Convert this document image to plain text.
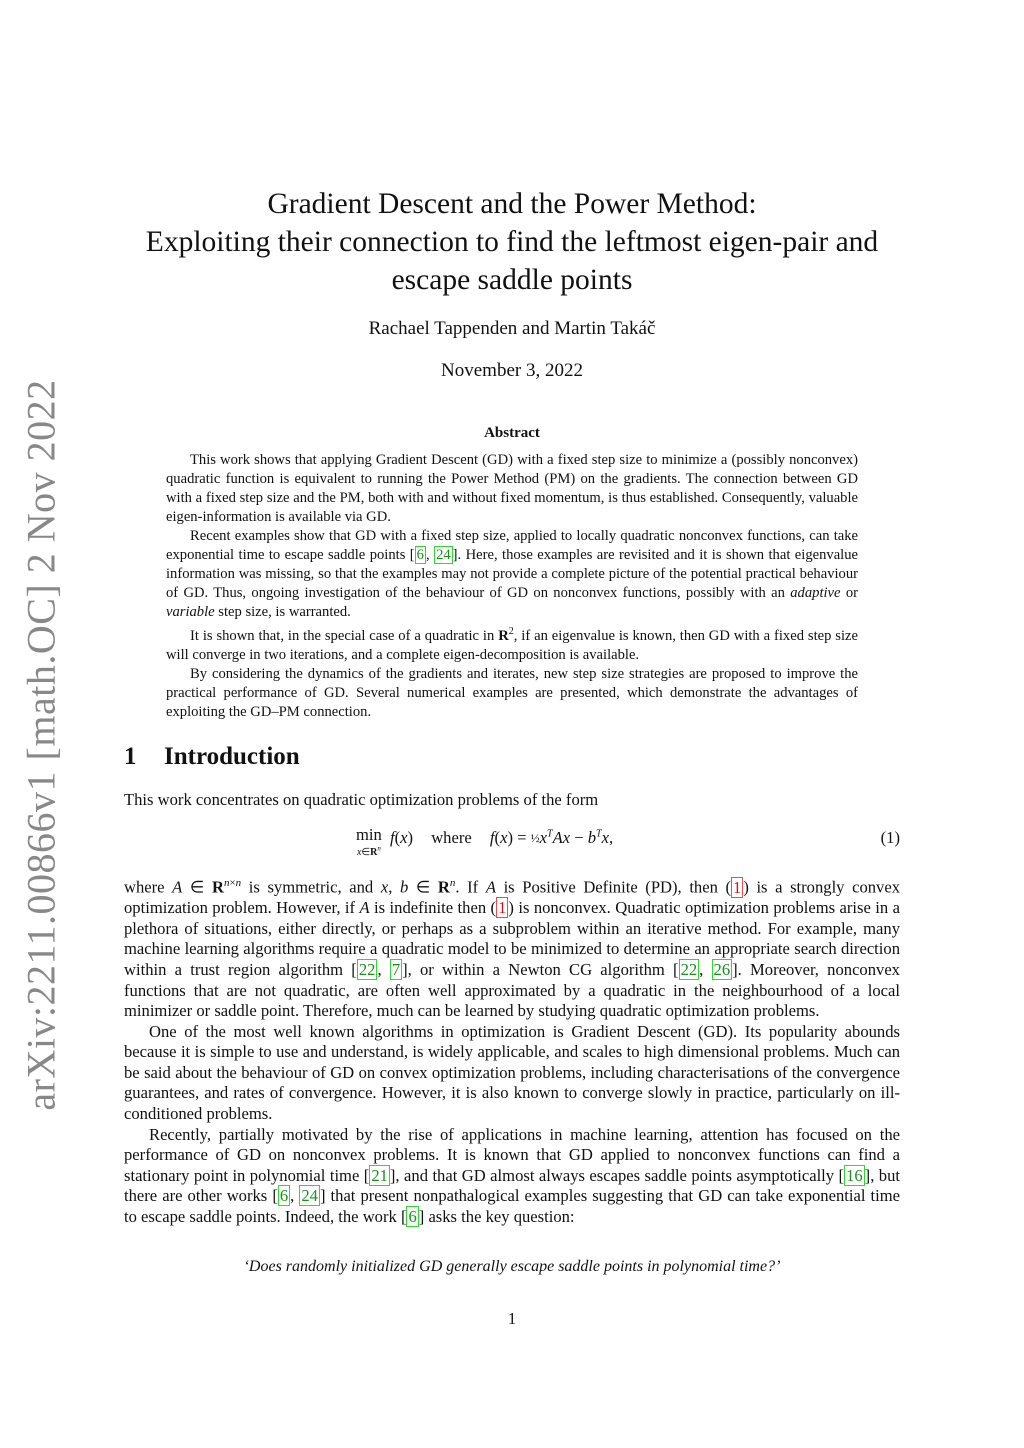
arXiv:2211.00866v1 [math.OC] 2 Nov 2022
Gradient Descent and the Power Method:
Exploiting their connection to find the leftmost eigen-pair and
escape saddle points
Rachael Tappenden and Martin Takáč
November 3, 2022
Abstract

This work shows that applying Gradient Descent (GD) with a fixed step size to minimize a (possibly nonconvex) quadratic function is equivalent to running the Power Method (PM) on the gradients. The connection between GD with a fixed step size and the PM, both with and without fixed momentum, is thus established. Consequently, valuable eigen-information is available via GD.

Recent examples show that GD with a fixed step size, applied to locally quadratic nonconvex functions, can take exponential time to escape saddle points [ 6 , 24 ]. Here, those examples are revisited and it is shown that eigenvalue information was missing, so that the examples may not provide a complete picture of the potential practical behaviour of GD. Thus, ongoing investigation of the behaviour of GD on nonconvex functions, possibly with an adaptive or variable step size, is warranted.

It is shown that, in the special case of a quadratic in $R^2$, if an eigenvalue is known, then GD with a fixed step size will converge in two iterations, and a complete eigen-decomposition is available.

By considering the dynamics of the gradients and iterates, new step size strategies are proposed to improve the practical performance of GD. Several numerical examples are presented, which demonstrate the advantages of exploiting the GD–PM connection.

1 Introduction

This work concentrates on quadratic optimization problems of the form

min
$x\in R^n$ f(x) where $f(x) = \frac{1}{2}x^TAx - b^Tx$,	(1)

where A ∈ $R^{n\times n}$ is symmetric, and x, b ∈ $R^n$. If A is Positive Definite (PD), then ( 1 ) is a strongly convex optimization problem. However, if A is indefinite then ( 1 ) is nonconvex. Quadratic optimization problems arise in a plethora of situations, either directly, or perhaps as a subproblem within an iterative method. For example, many machine learning algorithms require a quadratic model to be minimized to determine an appropriate search direction within a trust region algorithm [ 22 , 7 ], or within a Newton CG algorithm [ 22 , 26 ]. Moreover, nonconvex functions that are not quadratic, are often well approximated by a quadratic in the neighbourhood of a local minimizer or saddle point. Therefore, much can be learned by studying quadratic optimization problems.

One of the most well known algorithms in optimization is Gradient Descent (GD). Its popularity abounds because it is simple to use and understand, is widely applicable, and scales to high dimensional problems. Much can be said about the behaviour of GD on convex optimization problems, including characterisations of the convergence guarantees, and rates of convergence. However, it is also known to converge slowly in practice, particularly on ill-conditioned problems.

Recently, partially motivated by the rise of applications in machine learning, attention has focused on the performance of GD on nonconvex problems. It is known that GD applied to nonconvex functions can find a stationary point in polynomial time [ 21 ], and that GD almost always escapes saddle points asymptotically [ 16 ], but there are other works [ 6 , 24 ] that present nonpathalogical examples suggesting that GD can take exponential time to escape saddle points. Indeed, the work [ 6 ] asks the key question:

‘Does randomly initialized GD generally escape saddle points in polynomial time?’
1
